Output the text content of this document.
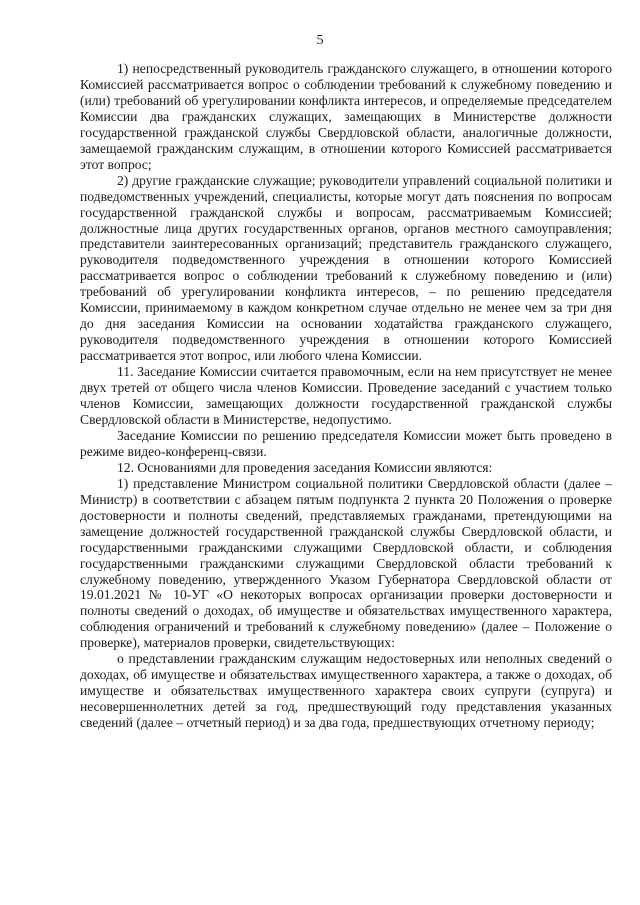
5

1) непосредственный руководитель гражданского служащего, в отношении которого Комиссией рассматривается вопрос о соблюдении требований к служебному поведению и (или) требований об урегулировании конфликта интересов, и определяемые председателем Комиссии два гражданских служащих, замещающих в Министерстве должности государственной гражданской службы Свердловской области, аналогичные должности, замещаемой гражданским служащим, в отношении которого Комиссией рассматривается этот вопрос;

2) другие гражданские служащие; руководители управлений социальной политики и подведомственных учреждений, специалисты, которые могут дать пояснения по вопросам государственной гражданской службы и вопросам, рассматриваемым Комиссией; должностные лица других государственных органов, органов местного самоуправления; представители заинтересованных организаций; представитель гражданского служащего, руководителя подведомственного учреждения в отношении которого Комиссией рассматривается вопрос о соблюдении требований к служебному поведению и (или) требований об урегулировании конфликта интересов, – по решению председателя Комиссии, принимаемому в каждом конкретном случае отдельно не менее чем за три дня до дня заседания Комиссии на основании ходатайства гражданского служащего, руководителя подведомственного учреждения в отношении которого Комиссией рассматривается этот вопрос, или любого члена Комиссии.

11. Заседание Комиссии считается правомочным, если на нем присутствует не менее двух третей от общего числа членов Комиссии. Проведение заседаний с участием только членов Комиссии, замещающих должности государственной гражданской службы Свердловской области в Министерстве, недопустимо.

Заседание Комиссии по решению председателя Комиссии может быть проведено в режиме видео-конференц-связи.

12. Основаниями для проведения заседания Комиссии являются:

1) представление Министром социальной политики Свердловской области (далее – Министр) в соответствии с абзацем пятым подпункта 2 пункта 20 Положения о проверке достоверности и полноты сведений, представляемых гражданами, претендующими на замещение должностей государственной гражданской службы Свердловской области, и государственными гражданскими служащими Свердловской области, и соблюдения государственными гражданскими служащими Свердловской области требований к служебному поведению, утвержденного Указом Губернатора Свердловской области от 19.01.2021 № 10-УГ «О некоторых вопросах организации проверки достоверности и полноты сведений о доходах, об имуществе и обязательствах имущественного характера, соблюдения ограничений и требований к служебному поведению» (далее – Положение о проверке), материалов проверки, свидетельствующих:

о представлении гражданским служащим недостоверных или неполных сведений о доходах, об имуществе и обязательствах имущественного характера, а также о доходах, об имуществе и обязательствах имущественного характера своих супруги (супруга) и несовершеннолетних детей за год, предшествующий году представления указанных сведений (далее – отчетный период) и за два года, предшествующих отчетному периоду;
